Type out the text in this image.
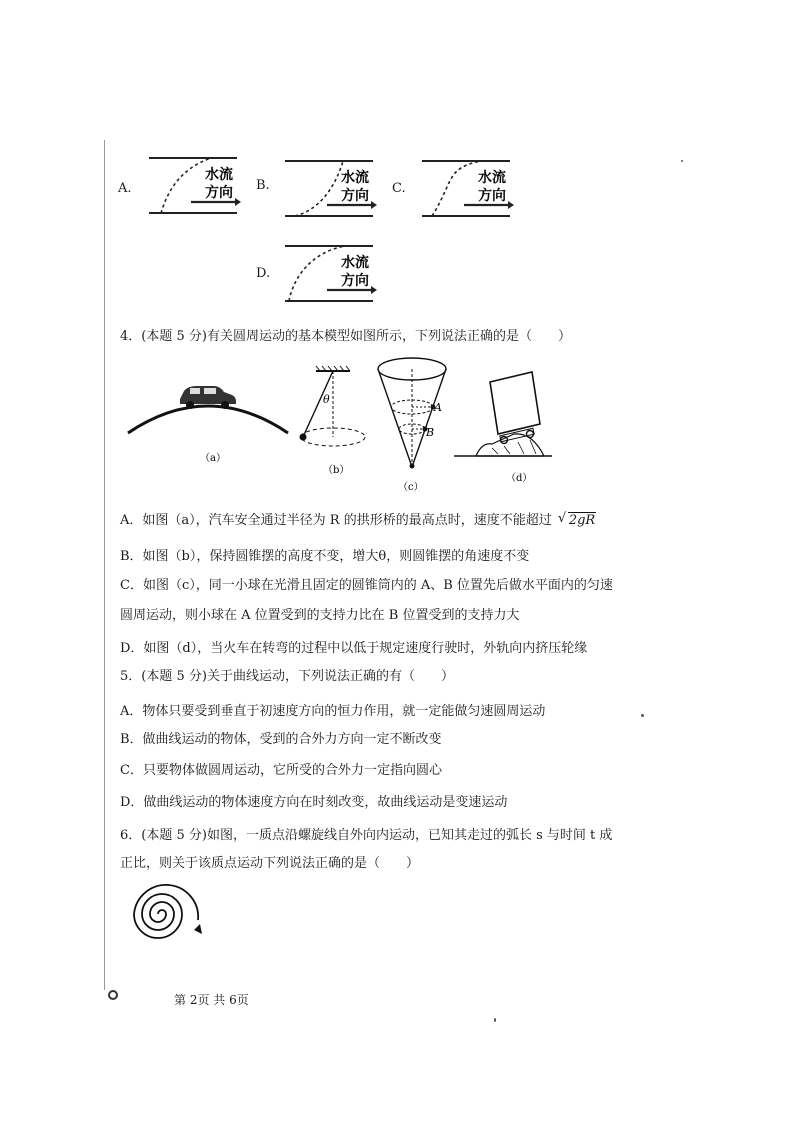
A.
水流
方向 B.	水流
方向 C.
水流
方向
D.
水流
方向
4．(本题 5 分)有关圆周运动的基本模型如图所示，下列说法正确的是（　　）
（a）
θ
（b）
A
B
（c）
（d）
A．如图（a），汽车安全通过半径为 R 的拱形桥的最高点时，速度不能超过 √ 2gR
B．如图（b），保持圆锥摆的高度不变，增大θ，则圆锥摆的角速度不变
C．如图（c），同一小球在光滑且固定的圆锥筒内的 A、B 位置先后做水平面内的匀速
圆周运动，则小球在 A 位置受到的支持力比在 B 位置受到的支持力大
D．如图（d），当火车在转弯的过程中以低于规定速度行驶时，外轨向内挤压轮缘
5．(本题 5 分)关于曲线运动，下列说法正确的有（　　）
A．物体只要受到垂直于初速度方向的恒力作用，就一定能做匀速圆周运动
B．做曲线运动的物体，受到的合外力方向一定不断改变
C．只要物体做圆周运动，它所受的合外力一定指向圆心
D．做曲线运动的物体速度方向在时刻改变，故曲线运动是变速运动
6．(本题 5 分)如图，一质点沿螺旋线自外向内运动，已知其走过的弧长 s 与时间 t 成
正比，则关于该质点运动下列说法正确的是（　　）
第 2页 共 6页
